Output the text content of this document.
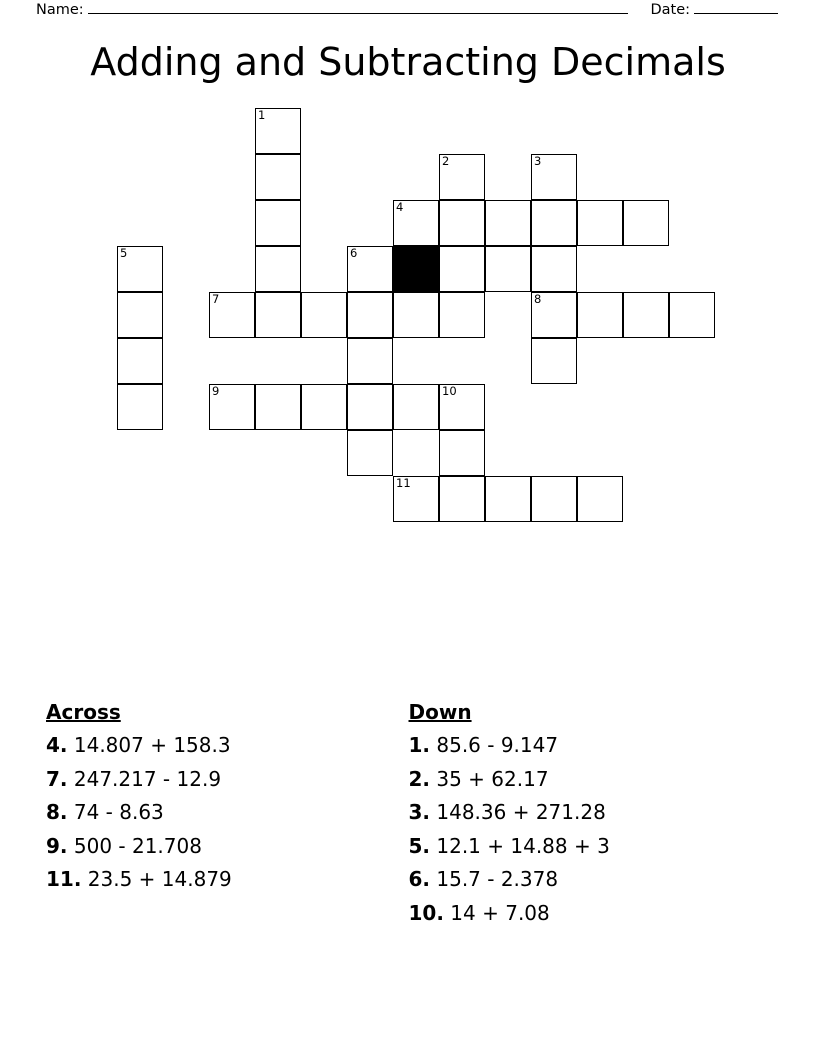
Name:	Date:
Adding and Subtracting Decimals
1
2	3
4
5	6
7	8
9	10
11
Across
4. 14.807 + 158.3
7. 247.217 - 12.9
8. 74 - 8.63
9. 500 - 21.708
11. 23.5 + 14.879
Down
1. 85.6 - 9.147
2. 35 + 62.17
3. 148.36 + 271.28
5. 12.1 + 14.88 + 3
6. 15.7 - 2.378
10. 14 + 7.08
